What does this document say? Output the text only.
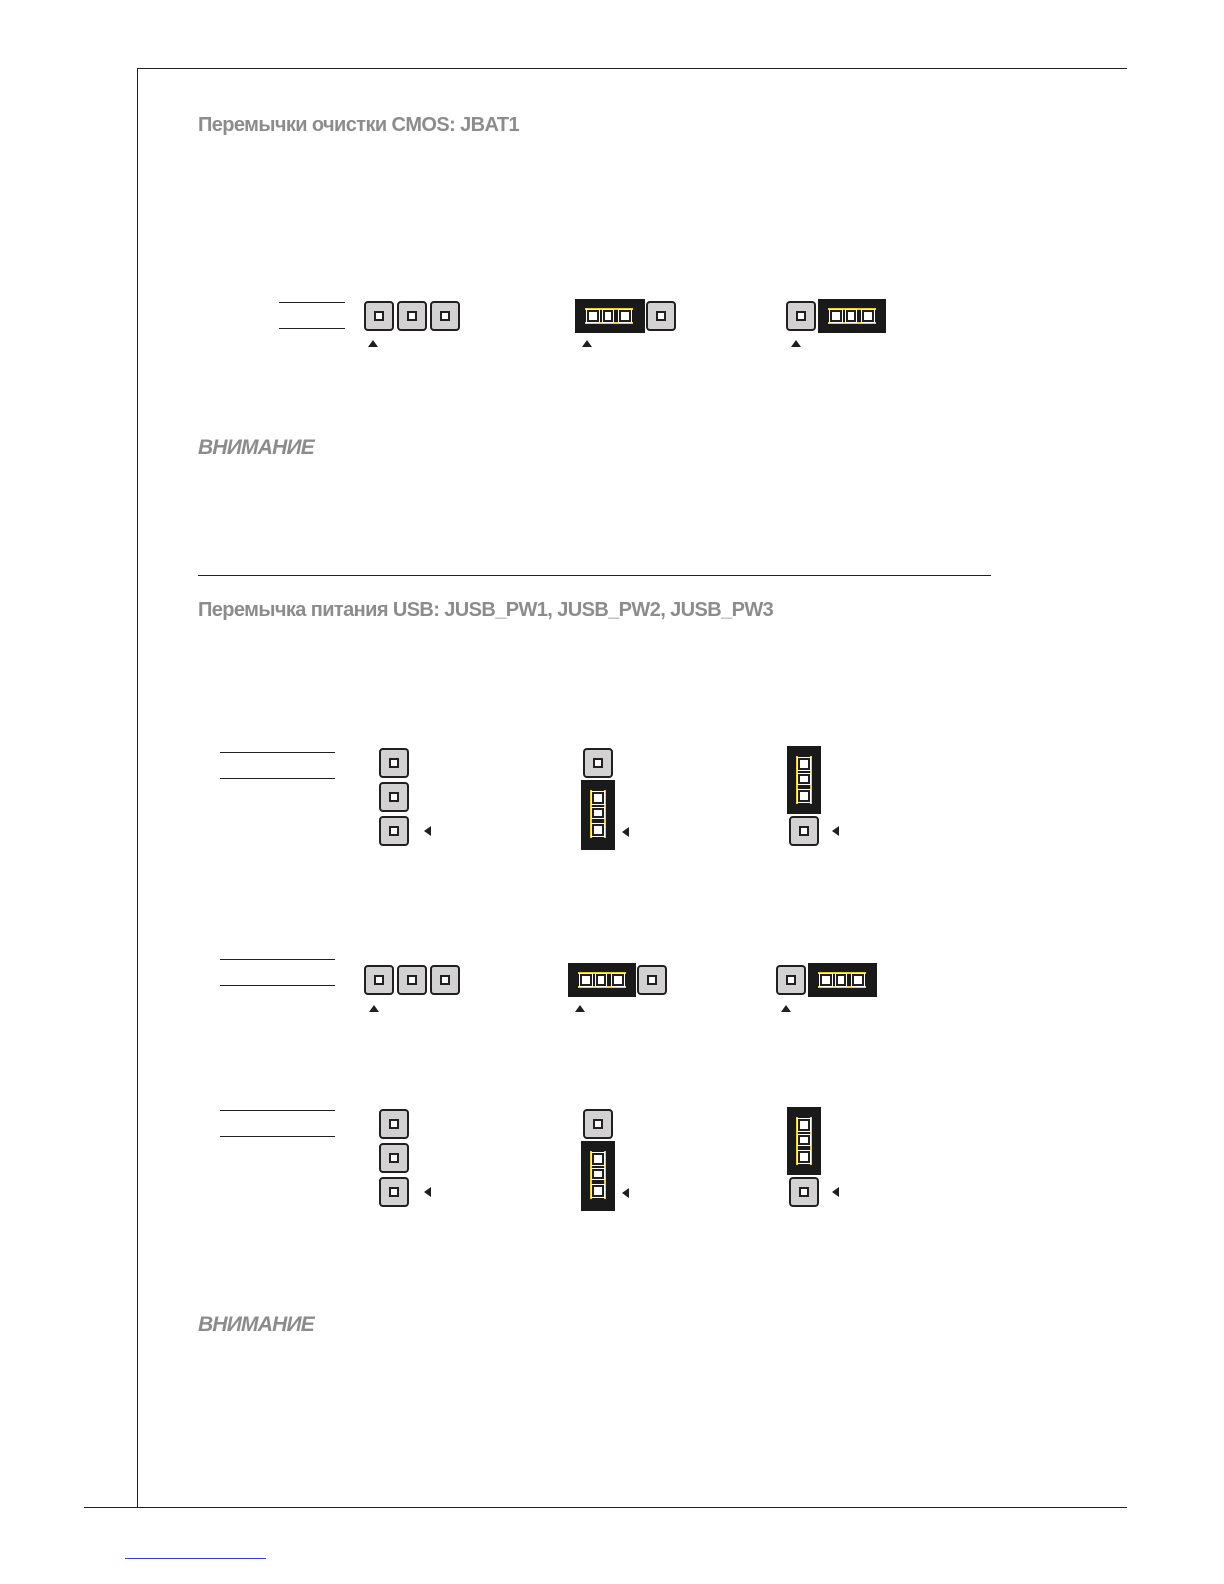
Перемычки очистки CMOS: JBAT1
ВНИМАНИЕ
Перемычка питания USB: JUSB_PW1, JUSB_PW2, JUSB_PW3
ВНИМАНИЕ
